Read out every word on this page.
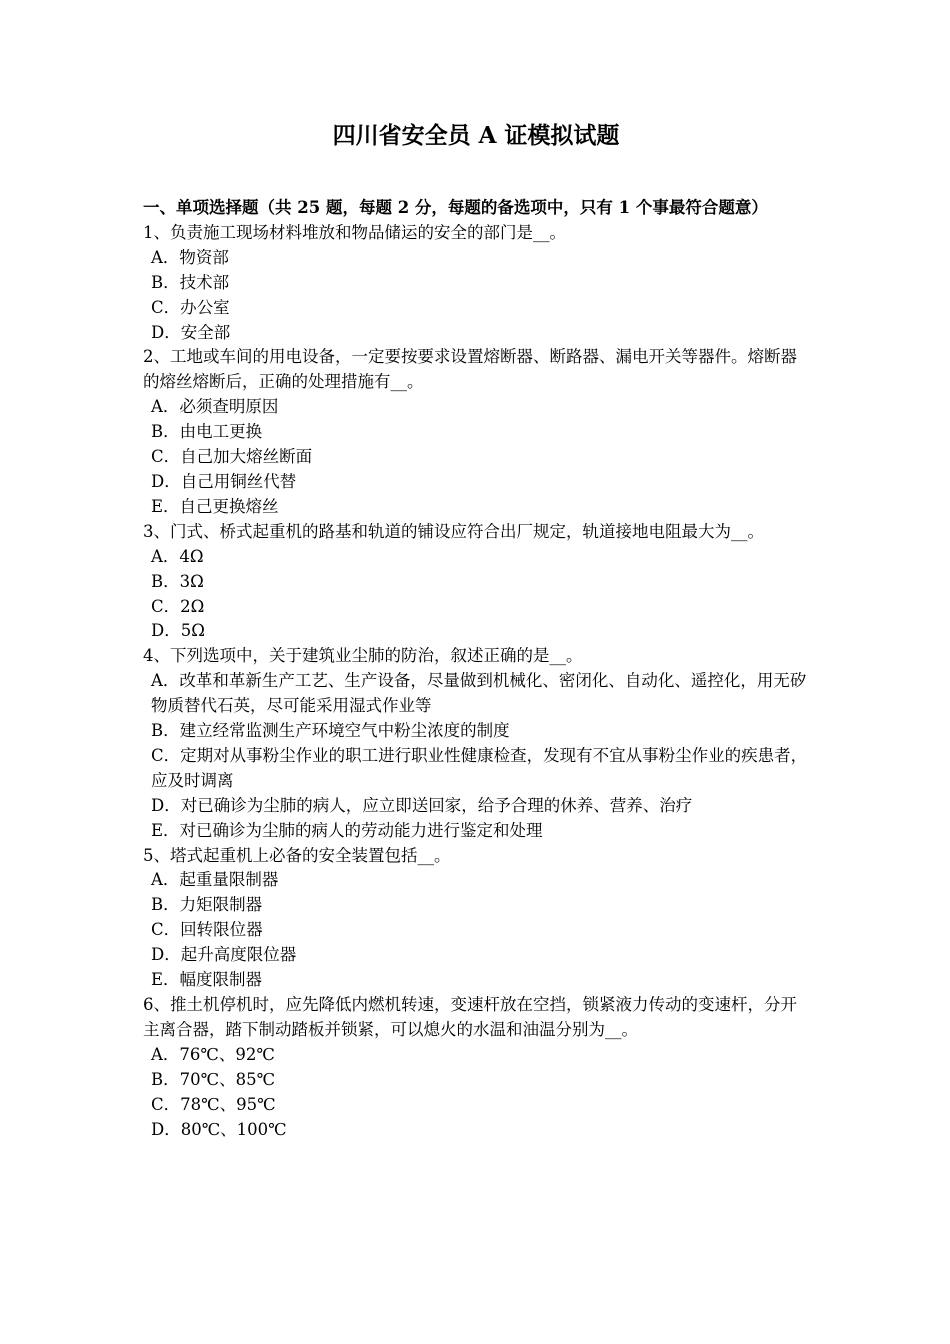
四川省安全员 A 证模拟试题

一、单项选择题（共 25 题，每题 2 分，每题的备选项中，只有 1 个事最符合题意）

1、负责施工现场材料堆放和物品储运的安全的部门是__。

A．物资部

B．技术部

C．办公室

D．安全部

2、工地或车间的用电设备，一定要按要求设置熔断器、断路器、漏电开关等器件。熔断器的熔丝熔断后，正确的处理措施有__。

A．必须查明原因

B．由电工更换

C．自己加大熔丝断面

D．自己用铜丝代替

E．自己更换熔丝

3、门式、桥式起重机的路基和轨道的铺设应符合出厂规定，轨道接地电阻最大为__。

A．4Ω

B．3Ω

C．2Ω

D．5Ω

4、下列选项中，关于建筑业尘肺的防治，叙述正确的是__。

A．改革和革新生产工艺、生产设备，尽量做到机械化、密闭化、自动化、遥控化，用无矽物质替代石英，尽可能采用湿式作业等

B．建立经常监测生产环境空气中粉尘浓度的制度

C．定期对从事粉尘作业的职工进行职业性健康检查，发现有不宜从事粉尘作业的疾患者，应及时调离

D．对已确诊为尘肺的病人，应立即送回家，给予合理的休养、营养、治疗

E．对已确诊为尘肺的病人的劳动能力进行鉴定和处理

5、塔式起重机上必备的安全装置包括__。

A．起重量限制器

B．力矩限制器

C．回转限位器

D．起升高度限位器

E．幅度限制器

6、推土机停机时，应先降低内燃机转速，变速杆放在空挡，锁紧液力传动的变速杆，分开主离合器，踏下制动踏板并锁紧，可以熄火的水温和油温分别为__。

A．76℃、92℃

B．70℃、85℃

C．78℃、95℃

D．80℃、100℃
